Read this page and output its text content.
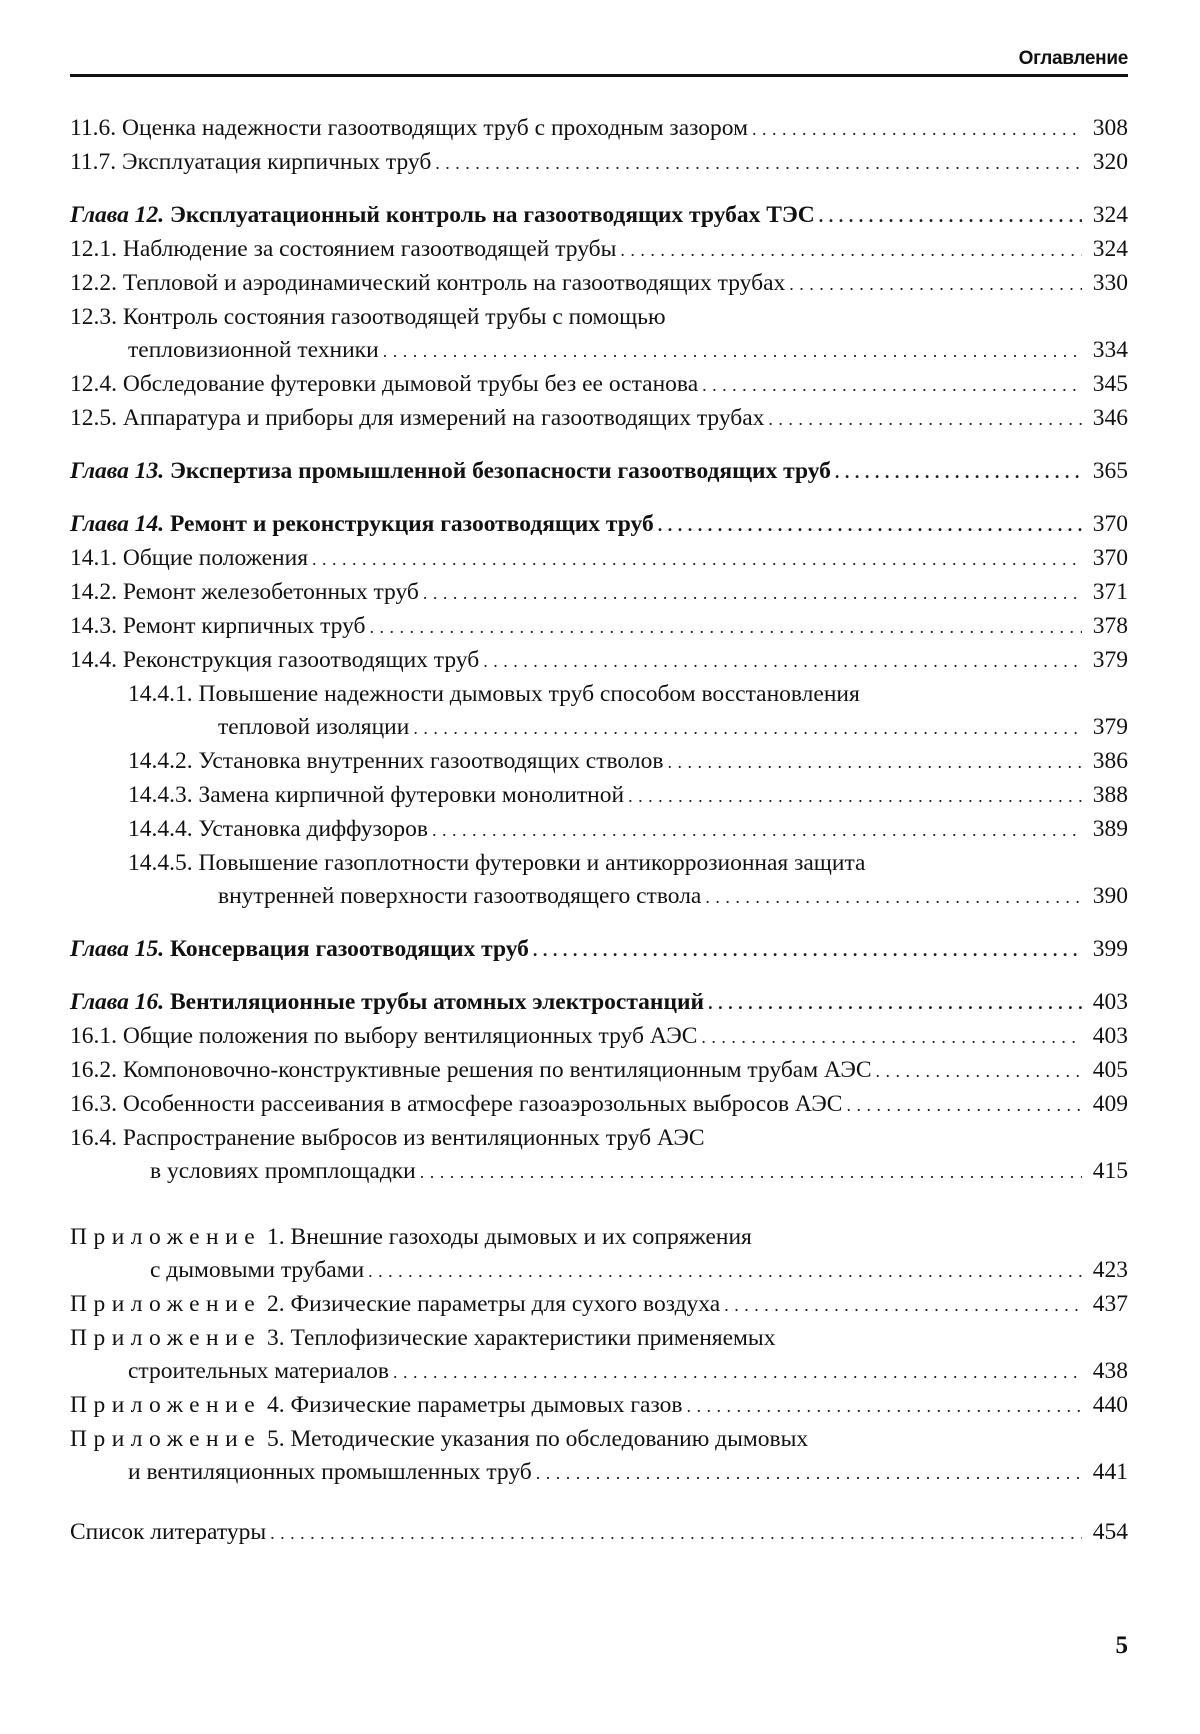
Оглавление
11.6. Оценка надежности газоотводящих труб с проходным зазором . . .	308
11.7. Эксплуатация кирпичных труб . . .	320
Глава 12. Эксплуатационный контроль на газоотводящих трубах ТЭС . . .	324
12.1. Наблюдение за состоянием газоотводящей трубы . . .	324
12.2. Тепловой и аэродинамический контроль на газоотводящих трубах . . .	330
12.3. Контроль состояния газоотводящей трубы с помощью
тепловизионной техники . . .	334
12.4. Обследование футеровки дымовой трубы без ее останова . . .	345
12.5. Аппаратура и приборы для измерений на газоотводящих трубах . . .	346
Глава 13. Экспертиза промышленной безопасности газоотводящих труб . . .	365
Глава 14. Ремонт и реконструкция газоотводящих труб . . .	370
14.1. Общие положения . . .	370
14.2. Ремонт железобетонных труб . . .	371
14.3. Ремонт кирпичных труб . . .	378
14.4. Реконструкция газоотводящих труб . . .	379
14.4.1. Повышение надежности дымовых труб способом восстановления
тепловой изоляции . . .	379
14.4.2. Установка внутренних газоотводящих стволов . . .	386
14.4.3. Замена кирпичной футеровки монолитной . . .	388
14.4.4. Установка диффузоров . . .	389
14.4.5. Повышение газоплотности футеровки и антикоррозионная защита
внутренней поверхности газоотводящего ствола . . .	390
Глава 15. Консервация газоотводящих труб . . .	399
Глава 16. Вентиляционные трубы атомных электростанций . . .	403
16.1. Общие положения по выбору вентиляционных труб АЭС . . .	403
16.2. Компоновочно-конструктивные решения по вентиляционным трубам АЭС . . .	405
16.3. Особенности рассеивания в атмосфере газоаэрозольных выбросов АЭС . . .	409
16.4. Распространение выбросов из вентиляционных труб АЭС
в условиях промплощадки . . .	415
Приложение 1. Внешние газоходы дымовых и их сопряжения
с дымовыми трубами . . .	423
Приложение 2. Физические параметры для сухого воздуха . . .	437
Приложение 3. Теплофизические характеристики применяемых
строительных материалов . . .	438
Приложение 4. Физические параметры дымовых газов . . .	440
Приложение 5. Методические указания по обследованию дымовых
и вентиляционных промышленных труб . . .	441
Список литературы . . .	454
5
